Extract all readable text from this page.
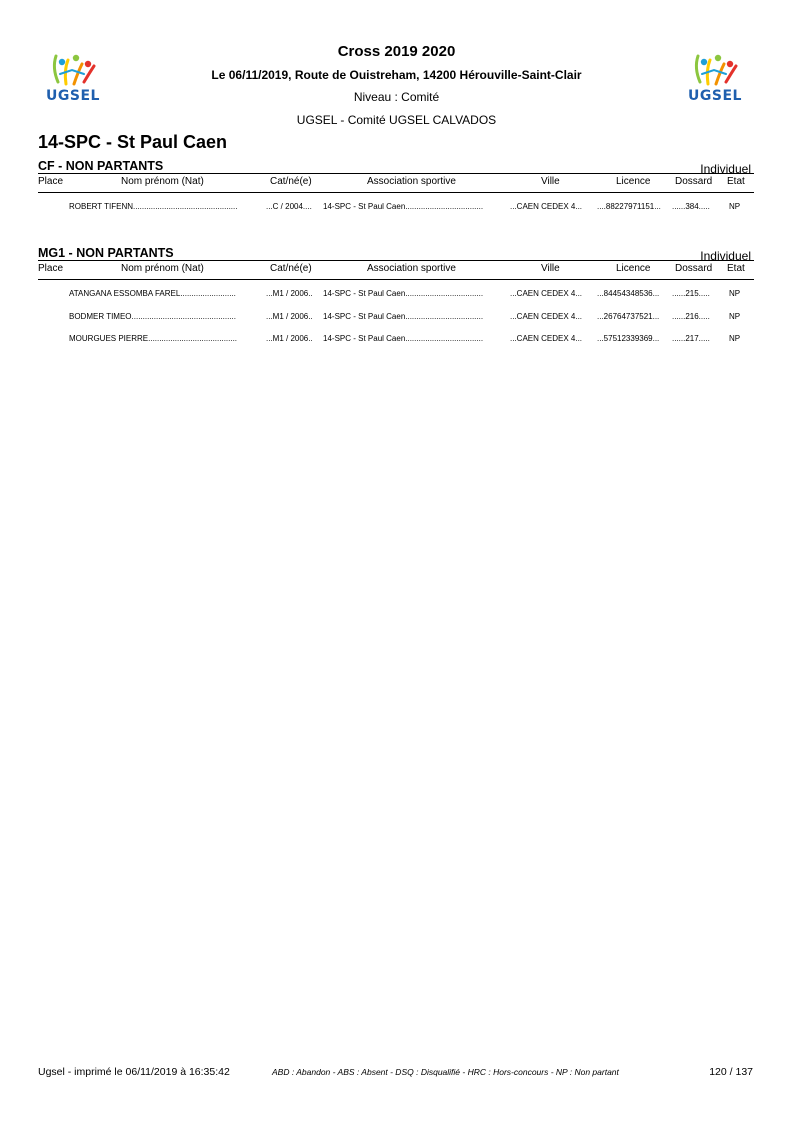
UGSEL	UGSEL
Cross 2019 2020
Le 06/11/2019, Route de Ouistreham, 14200 Hérouville-Saint-Clair
Niveau : Comité
UGSEL - Comité UGSEL CALVADOS
14-SPC - St Paul Caen
CF - NON PARTANTS	Individuel
Place	Nom prénom (Nat)	Cat/né(e)	Association sportive	Ville	Licence Dossard Etat
ROBERT TIFENN...............................................	...C / 2004....	14-SPC - St Paul Caen...................................	...CAEN CEDEX 4...	....88227971151...	......384.....	NP
MG1 - NON PARTANTS	Individuel
Place	Nom prénom (Nat)	Cat/né(e)	Association sportive	Ville	Licence Dossard Etat
ATANGANA ESSOMBA FAREL.........................	...M1 / 2006..	14-SPC - St Paul Caen...................................	...CAEN CEDEX 4...	...84454348536...	......215.....	NP
BODMER TIMEO...............................................	...M1 / 2006..	14-SPC - St Paul Caen...................................	...CAEN CEDEX 4...	...26764737521...	......216.....	NP
MOURGUES PIERRE........................................	...M1 / 2006..	14-SPC - St Paul Caen...................................	...CAEN CEDEX 4...	...57512339369...	......217.....	NP
Ugsel - imprimé le 06/11/2019 à 16:35:42	ABD : Abandon - ABS : Absent - DSQ : Disqualifié - HRC : Hors-concours - NP : Non partant	120 / 137
